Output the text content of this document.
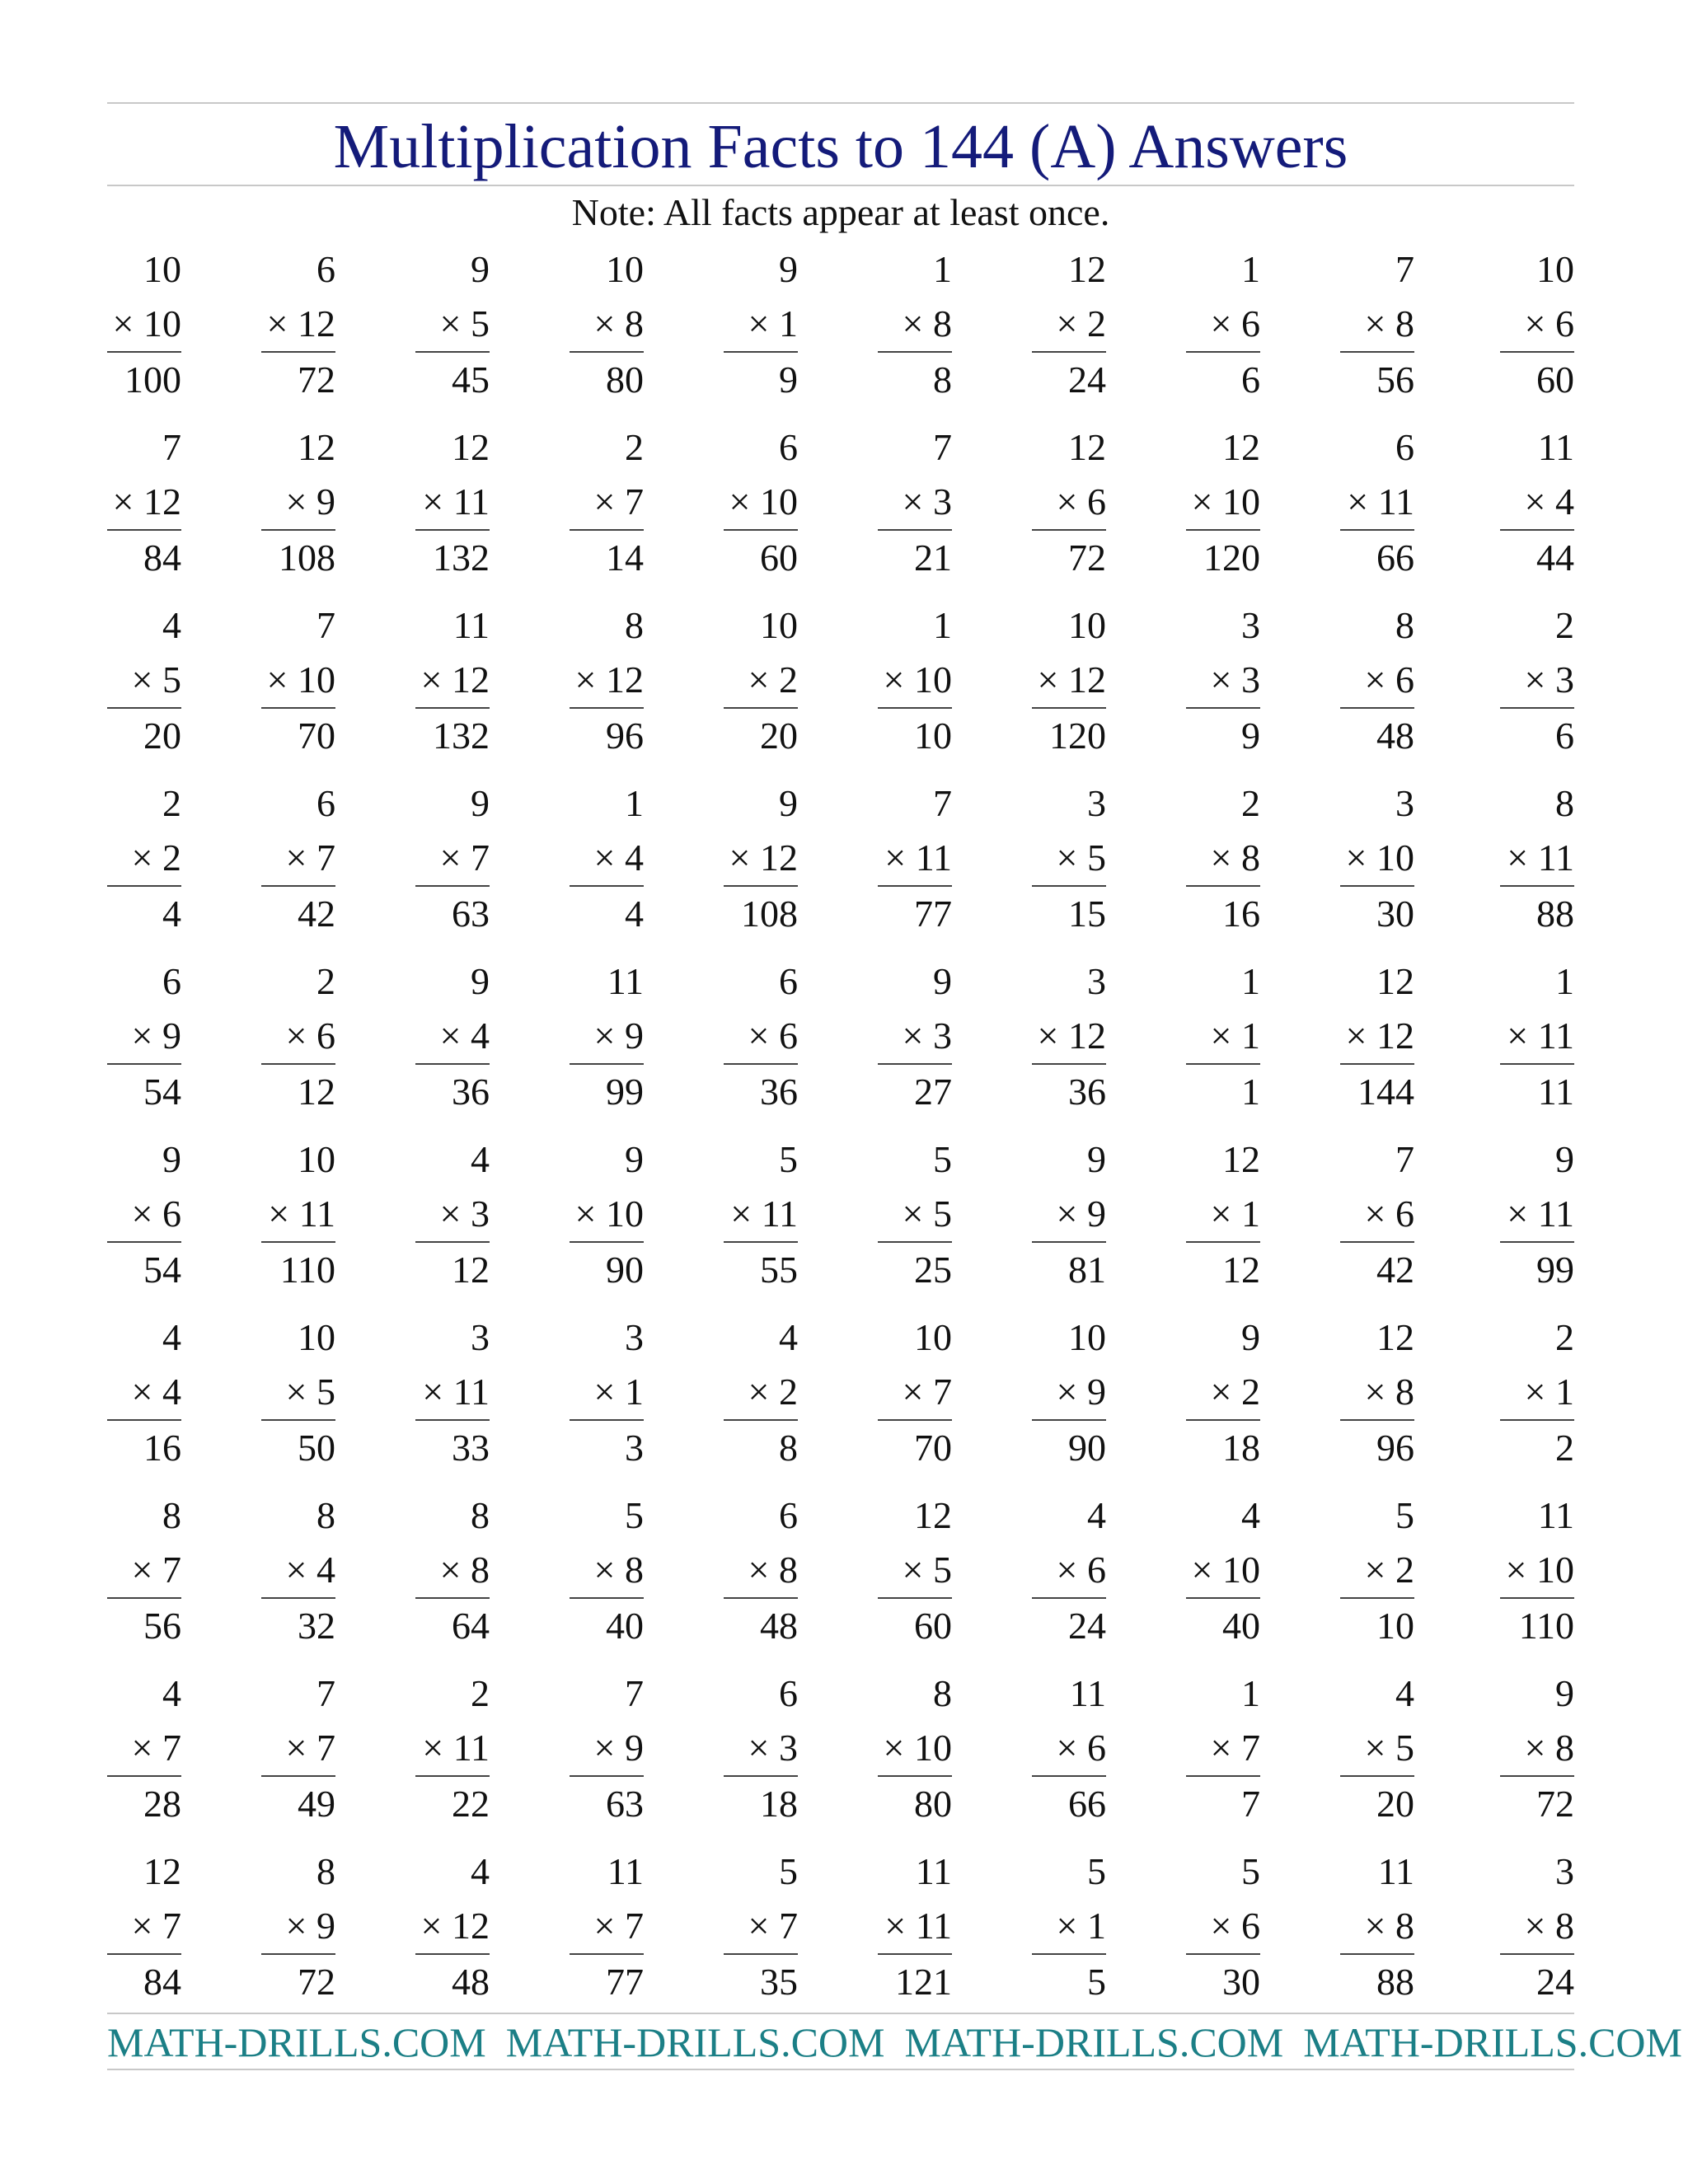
Multiplication Facts to 144 (A) Answers
Note: All facts appear at least once.
10
× 10
100
6
× 12
72
9
× 5
45
10
× 8
80
9
× 1
9
1
× 8
8
12
× 2
24
1
× 6
6
7
× 8
56
10
× 6
60
7
× 12
84
12
× 9
108
12
× 11
132
2
× 7
14
6
× 10
60
7
× 3
21
12
× 6
72
12
× 10
120
6
× 11
66
11
× 4
44
4
× 5
20
7
× 10
70
11
× 12
132
8
× 12
96
10
× 2
20
1
× 10
10
10
× 12
120
3
× 3
9
8
× 6
48
2
× 3
6
2
× 2
4
6
× 7
42
9
× 7
63
1
× 4
4
9
× 12
108
7
× 11
77
3
× 5
15
2
× 8
16
3
× 10
30
8
× 11
88
6
× 9
54
2
× 6
12
9
× 4
36
11
× 9
99
6
× 6
36
9
× 3
27
3
× 12
36
1
× 1
1
12
× 12
144
1
× 11
11
9
× 6
54
10
× 11
110
4
× 3
12
9
× 10
90
5
× 11
55
5
× 5
25
9
× 9
81
12
× 1
12
7
× 6
42
9
× 11
99
4
× 4
16
10
× 5
50
3
× 11
33
3
× 1
3
4
× 2
8
10
× 7
70
10
× 9
90
9
× 2
18
12
× 8
96
2
× 1
2
8
× 7
56
8
× 4
32
8
× 8
64
5
× 8
40
6
× 8
48
12
× 5
60
4
× 6
24
4
× 10
40
5
× 2
10
11
× 10
110
4
× 7
28
7
× 7
49
2
× 11
22
7
× 9
63
6
× 3
18
8
× 10
80
11
× 6
66
1
× 7
7
4
× 5
20
9
× 8
72
12
× 7
84
8
× 9
72
4
× 12
48
11
× 7
77
5
× 7
35
11
× 11
121
5
× 1
5
5
× 6
30
11
× 8
88
3
× 8
24
MATH-DRILLS.COM MATH-DRILLS.COM MATH-DRILLS.COM MATH-DRILLS.COM
